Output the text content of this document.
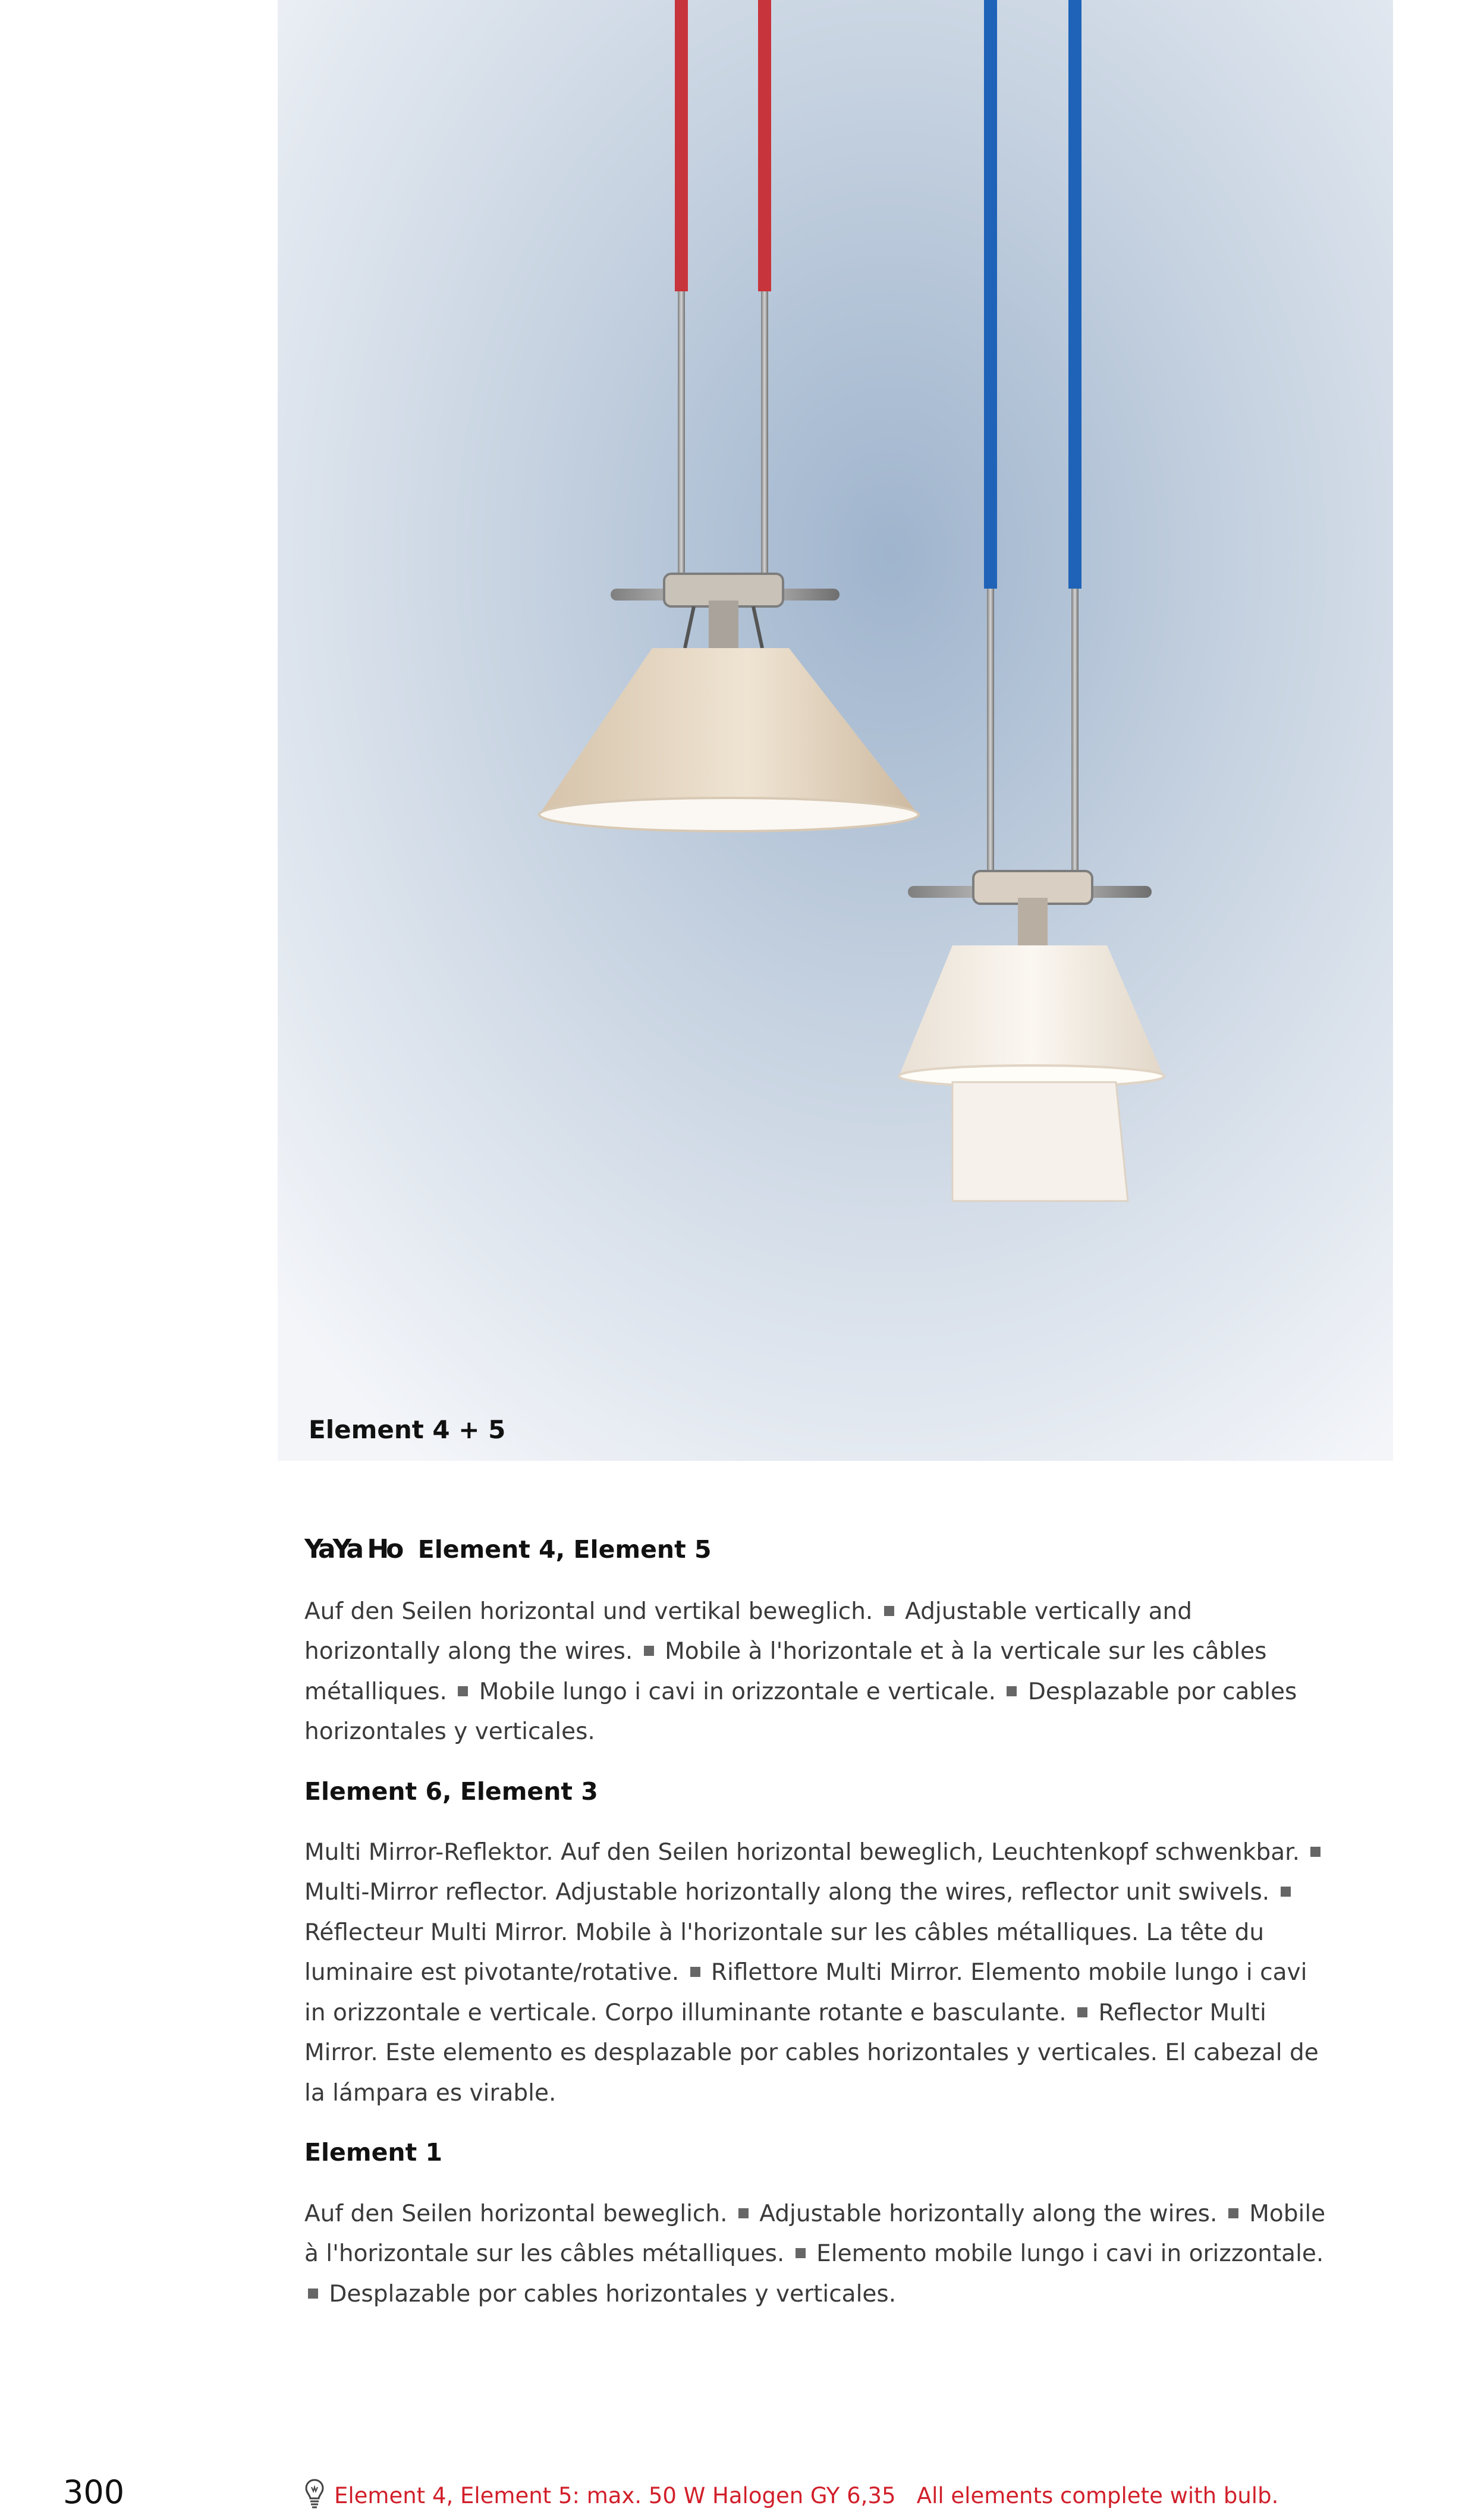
Element 4 + 5
YaYa Ho Element 4, Element 5

Auf den Seilen horizontal und vertikal beweglich. Adjustable vertically and horizontally along the wires. Mobile à l'horizontale et à la verticale sur les câbles métalliques. Mobile lungo i cavi in orizzontale e verticale. Desplazable por cables horizontales y verticales.

Element 6, Element 3

Multi Mirror-Reflektor. Auf den Seilen horizontal beweglich, Leuchtenkopf schwenkbar.  Multi-Mirror reflector. Adjustable horizontally along the wires, reflector unit swivels.  Réflecteur Multi Mirror. Mobile à l'horizontale sur les câbles métalliques. La tête du luminaire est pivotante/rotative. Riflettore Multi Mirror. Elemento mobile lungo i cavi in orizzontale e verticale. Corpo illuminante rotante e basculante. Reflector Multi Mirror. Este elemento es desplazable por cables horizontales y verticales. El cabezal de la lámpara es virable.

Element 1

Auf den Seilen horizontal beweglich. Adjustable horizontally along the wires. Mobile à l'horizontale sur les câbles métalliques. Elemento mobile lungo i cavi in orizzontale.  Desplazable por cables horizontales y verticales.

300	Element 4, Element 5: max. 50 W Halogen GY 6,35   All elements complete with bulb.
